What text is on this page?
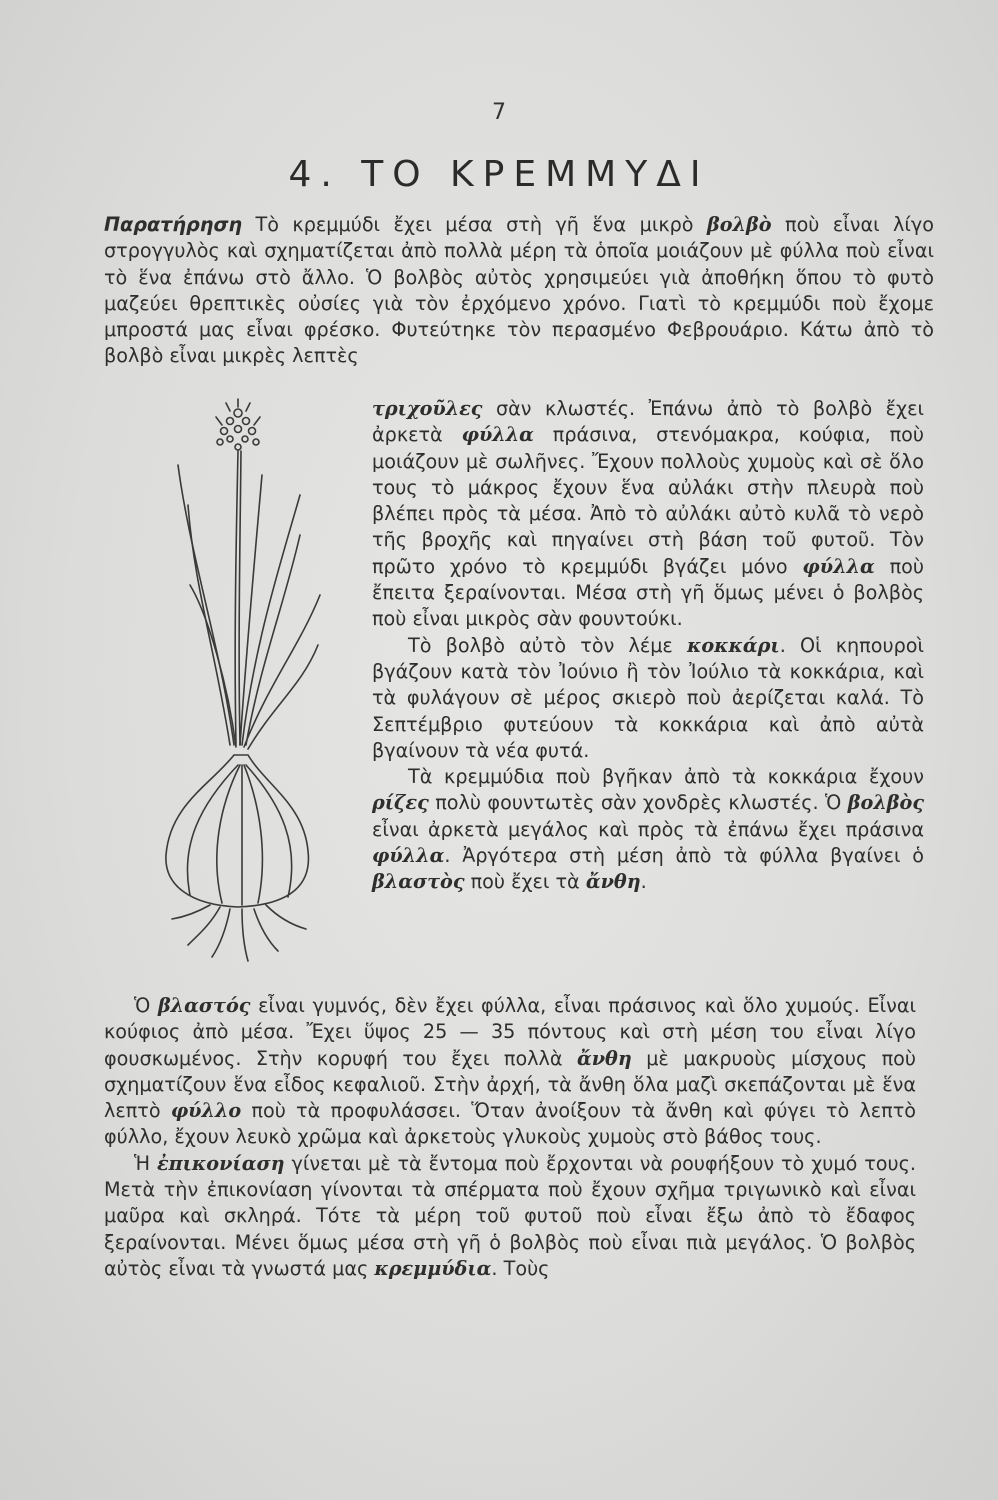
7
4. ΤΟ ΚΡΕΜΜΥΔΙ

Παρατήρηση Τὸ κρεμμύδι ἔχει μέσα στὴ γῆ ἕνα μικρὸ βολβὸ ποὺ εἶναι λίγο στρογγυλὸς καὶ σχηματίζεται ἀπὸ πολλὰ μέρη τὰ ὁποῖα μοιάζουν μὲ φύλλα ποὺ εἶναι τὸ ἕνα ἐπάνω στὸ ἄλλο. Ὁ βολβὸς αὐτὸς χρησιμεύει γιὰ ἀποθήκη ὅπου τὸ φυτὸ μαζεύει θρεπτικὲς οὐσίες γιὰ τὸν ἐρχόμενο χρόνο. Γιατὶ τὸ κρεμμύδι ποὺ ἔχομε μπροστά μας εἶναι φρέσκο. Φυτεύτηκε τὸν περασμένο Φεβρουάριο. Κάτω ἀπὸ τὸ βολβὸ εἶναι μικρὲς λεπτὲς

τριχοῦλες σὰν κλωστές. Ἐπάνω ἀπὸ τὸ βολβὸ ἔχει ἀρκετὰ φύλλα πράσινα, στενόμακρα, κούφια, ποὺ μοιάζουν μὲ σωλῆνες. Ἔχουν πολλοὺς χυμοὺς καὶ σὲ ὅλο τους τὸ μάκρος ἔχουν ἕνα αὐλάκι στὴν πλευρὰ ποὺ βλέπει πρὸς τὰ μέσα. Ἀπὸ τὸ αὐλάκι αὐτὸ κυλᾶ τὸ νερὸ τῆς βροχῆς καὶ πηγαίνει στὴ βάση τοῦ φυτοῦ. Τὸν πρῶτο χρόνο τὸ κρεμμύδι βγάζει μόνο φύλλα ποὺ ἔπειτα ξεραίνονται. Μέσα στὴ γῆ ὅμως μένει ὁ βολβὸς ποὺ εἶναι μικρὸς σὰν φουντούκι.

Τὸ βολβὸ αὐτὸ τὸν λέμε κοκκάρι. Οἱ κηπουροὶ βγάζουν κατὰ τὸν Ἰούνιο ἢ τὸν Ἰούλιο τὰ κοκκάρια, καὶ τὰ φυλάγουν σὲ μέρος σκιερὸ ποὺ ἀερίζεται καλά. Τὸ Σεπτέμβριο φυτεύουν τὰ κοκκάρια καὶ ἀπὸ αὐτὰ βγαίνουν τὰ νέα φυτά.

Τὰ κρεμμύδια ποὺ βγῆκαν ἀπὸ τὰ κοκκάρια ἔχουν ρίζες πολὺ φουντωτὲς σὰν χονδρὲς κλωστές. Ὁ βολβὸς εἶναι ἀρκετὰ μεγάλος καὶ πρὸς τὰ ἐπάνω ἔχει πράσινα φύλλα. Ἀργότερα στὴ μέση ἀπὸ τὰ φύλλα βγαίνει ὁ βλαστὸς ποὺ ἔχει τὰ ἄνθη.

Ὁ βλαστός εἶναι γυμνός, δὲν ἔχει φύλλα, εἶναι πράσινος καὶ ὅλο χυμούς. Εἶναι κούφιος ἀπὸ μέσα. Ἔχει ὕψος 25 — 35 πόντους καὶ στὴ μέση του εἶναι λίγο φουσκωμένος. Στὴν κορυφή του ἔχει πολλὰ ἄνθη μὲ μακρυοὺς μίσχους ποὺ σχηματίζουν ἕνα εἶδος κεφαλιοῦ. Στὴν ἀρχή, τὰ ἄνθη ὅλα μαζὶ σκεπάζονται μὲ ἕνα λεπτὸ φύλλο ποὺ τὰ προφυλάσσει. Ὅταν ἀνοίξουν τὰ ἄνθη καὶ φύγει τὸ λεπτὸ φύλλο, ἔχουν λευκὸ χρῶμα καὶ ἀρκετοὺς γλυκοὺς χυμοὺς στὸ βάθος τους.

Ἡ ἐπικονίαση γίνεται μὲ τὰ ἔντομα ποὺ ἔρχονται νὰ ρουφήξουν τὸ χυμό τους. Μετὰ τὴν ἐπικονίαση γίνονται τὰ σπέρματα ποὺ ἔχουν σχῆμα τριγωνικὸ καὶ εἶναι μαῦρα καὶ σκληρά. Τότε τὰ μέρη τοῦ φυτοῦ ποὺ εἶναι ἔξω ἀπὸ τὸ ἔδαφος ξεραίνονται. Μένει ὅμως μέσα στὴ γῆ ὁ βολβὸς ποὺ εἶναι πιὰ μεγάλος. Ὁ βολβὸς αὐτὸς εἶναι τὰ γνωστά μας κρεμμύδια. Τοὺς
